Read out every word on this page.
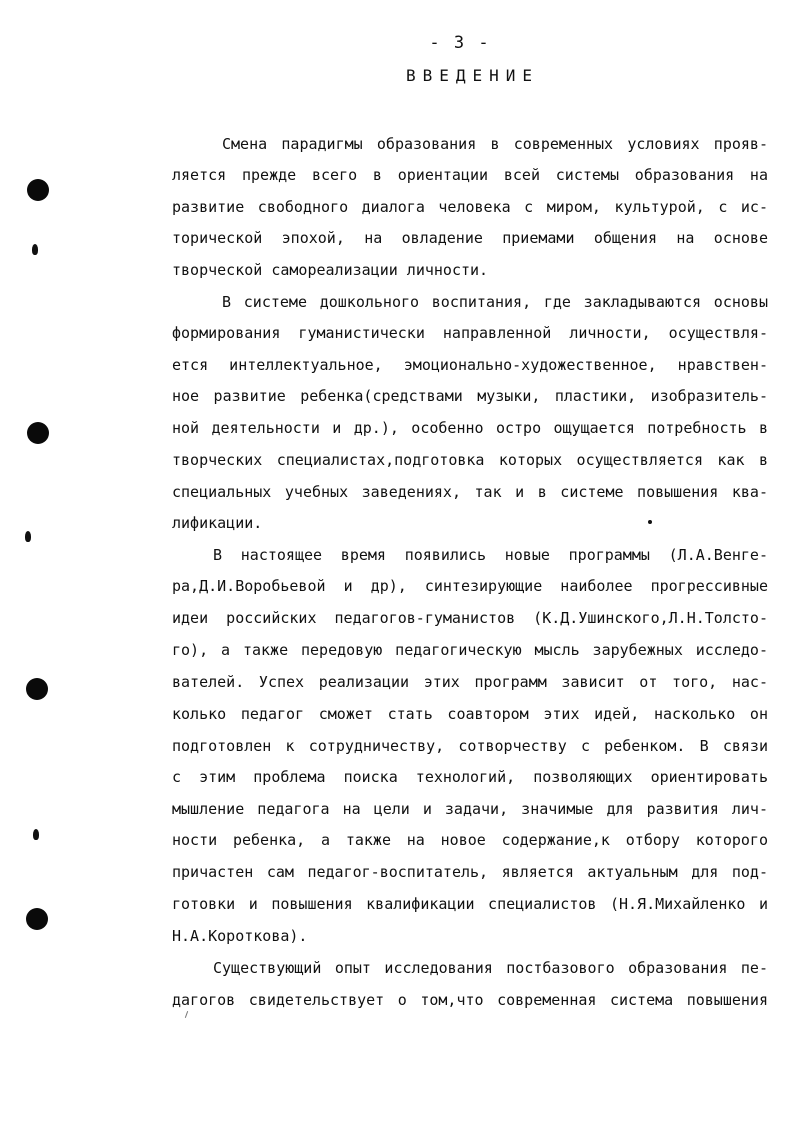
- 3 -
ВВЕДЕНИЕ
Смена парадигмы образования в современных условиях прояв-
ляется прежде всего в ориентации всей системы образования на
развитие свободного диалога человека с миром, культурой, с ис-
торической эпохой, на овладение приемами общения на основе
творческой самореализации личности.
В системе дошкольного воспитания, где закладываются основы
формирования гуманистически направленной личности, осуществля-
ется интеллектуальное, эмоционально-художественное, нравствен-
ное развитие ребенка(средствами музыки, пластики, изобразитель-
ной деятельности и др.), особенно остро ощущается потребность в
творческих специалистах,подготовка которых осуществляется как в
специальных учебных заведениях, так и в системе повышения ква-
лификации.
В настоящее время появились новые программы (Л.А.Венге-
ра,Д.И.Воробьевой и др), синтезирующие наиболее прогрессивные
идеи российских педагогов-гуманистов (К.Д.Ушинского,Л.Н.Толсто-
го), а также передовую педагогическую мысль зарубежных исследо-
вателей. Успех реализации этих программ зависит от того, нас-
колько педагог сможет стать соавтором этих идей, насколько он
подготовлен к сотрудничеству, сотворчеству с ребенком. В связи
с этим проблема поиска технологий, позволяющих ориентировать
мышление педагога на цели и задачи, значимые для развития лич-
ности ребенка, а также на новое содержание,к отбору которого
причастен сам педагог-воспитатель, является актуальным для под-
готовки и повышения квалификации специалистов (Н.Я.Михайленко и
Н.А.Короткова).
Существующий опыт исследования постбазового образования пе-
дагогов свидетельствует о том,что современная система повышения
